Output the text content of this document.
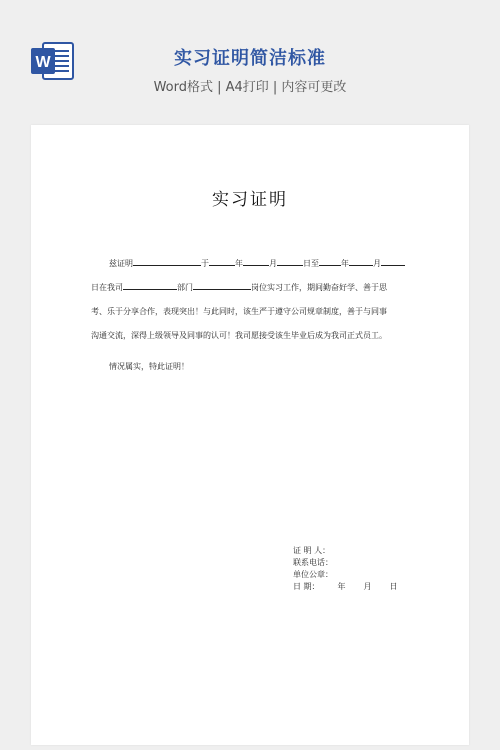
W	实习证明简洁标准
Word格式 | A4打印 | 内容可更改
实习证明
兹证明	于	年	月	日至	年	月
日在我司	部门	岗位实习工作，期间勤奋好学、善于思
考、乐于分享合作，表现突出！与此同时，该生严于遵守公司规章制度，善于与同事
沟通交流，深得上级领导及同事的认可！我司愿接受该生毕业后成为我司正式员工。
情况属实，特此证明！
证 明 人：
联系电话：
单位公章：
日 期： 年 月 日
